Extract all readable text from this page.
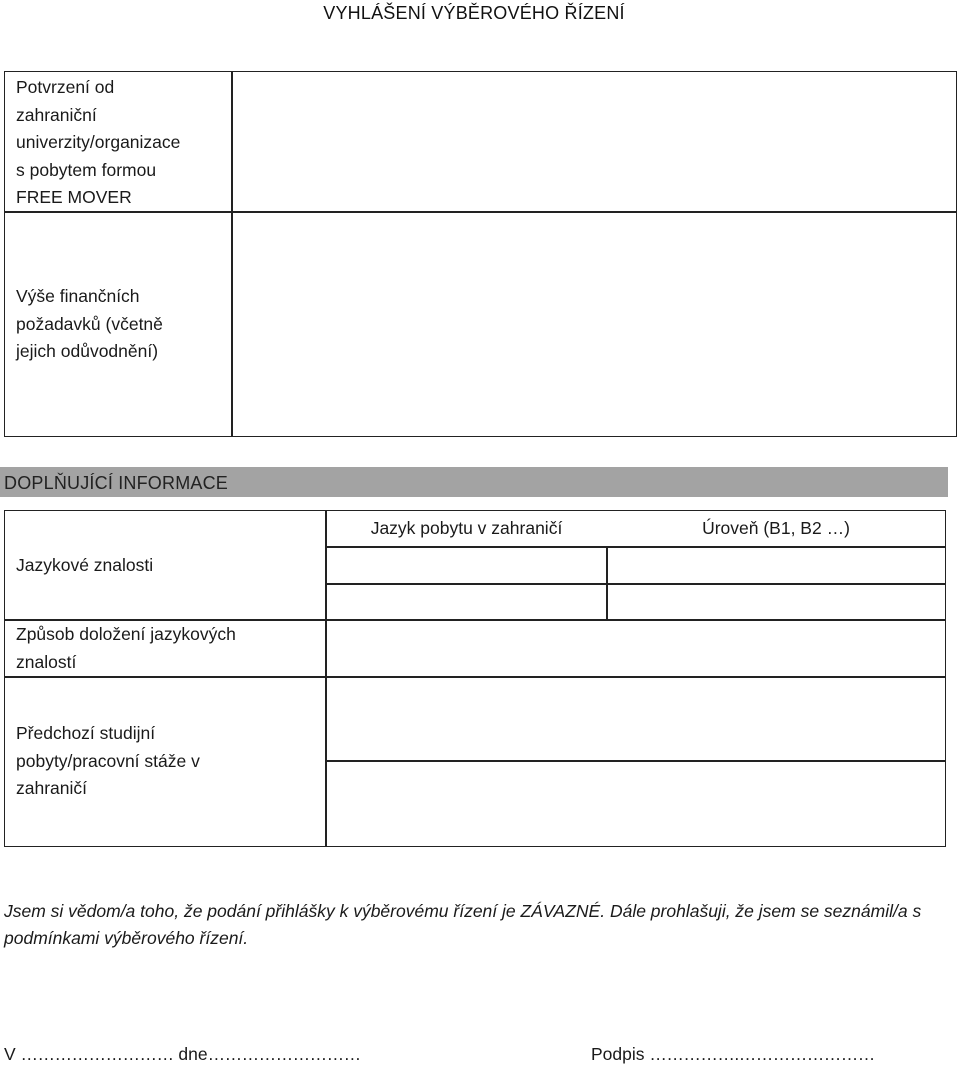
VYHLÁŠENÍ VÝBĚROVÉHO ŘÍZENÍ
Potvrzení od
zahraniční
univerzity/organizace
s pobytem formou
FREE MOVER
Výše finančních
požadavků (včetně
jejich odůvodnění)
DOPLŇUJÍCÍ INFORMACE
Jazykové znalosti
Jazyk pobytu v zahraničí	Úroveň (B1, B2 …)
Způsob doložení jazykových
znalostí
Předchozí studijní
pobyty/pracovní stáže v
zahraničí
Jsem si vědom/a toho, že podání přihlášky k výběrovému řízení je ZÁVAZNÉ. Dále prohlašuji, že jsem se seznámil/a s podmínkami výběrového řízení.
V ……………………… dne………………………	Podpis …………….……………………
